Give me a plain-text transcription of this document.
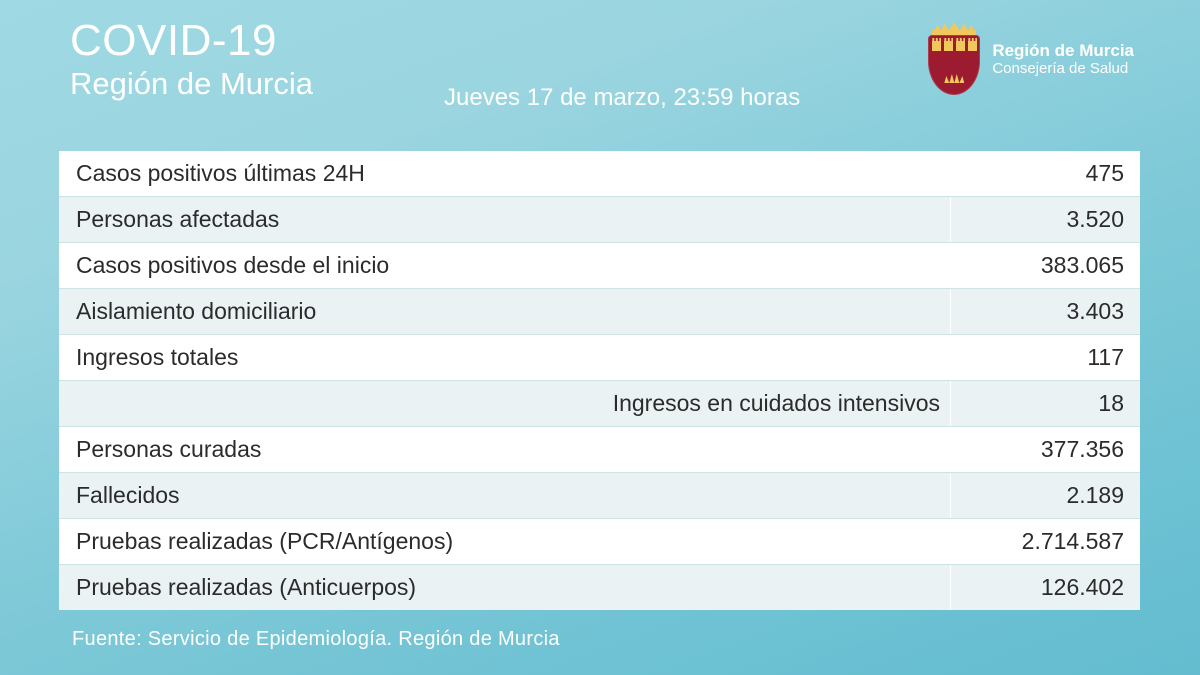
COVID-19
Región de Murcia	Jueves 17 de marzo, 23:59 horas
Región de Murcia
Consejería de Salud
Casos positivos últimas 24H	475
Personas afectadas	3.520
Casos positivos desde el inicio	383.065
Aislamiento domiciliario	3.403
Ingresos totales	117
Ingresos en cuidados intensivos	18
Personas curadas	377.356
Fallecidos	2.189
Pruebas realizadas (PCR/Antígenos)	2.714.587
Pruebas realizadas (Anticuerpos)	126.402
Fuente: Servicio de Epidemiología. Región de Murcia
